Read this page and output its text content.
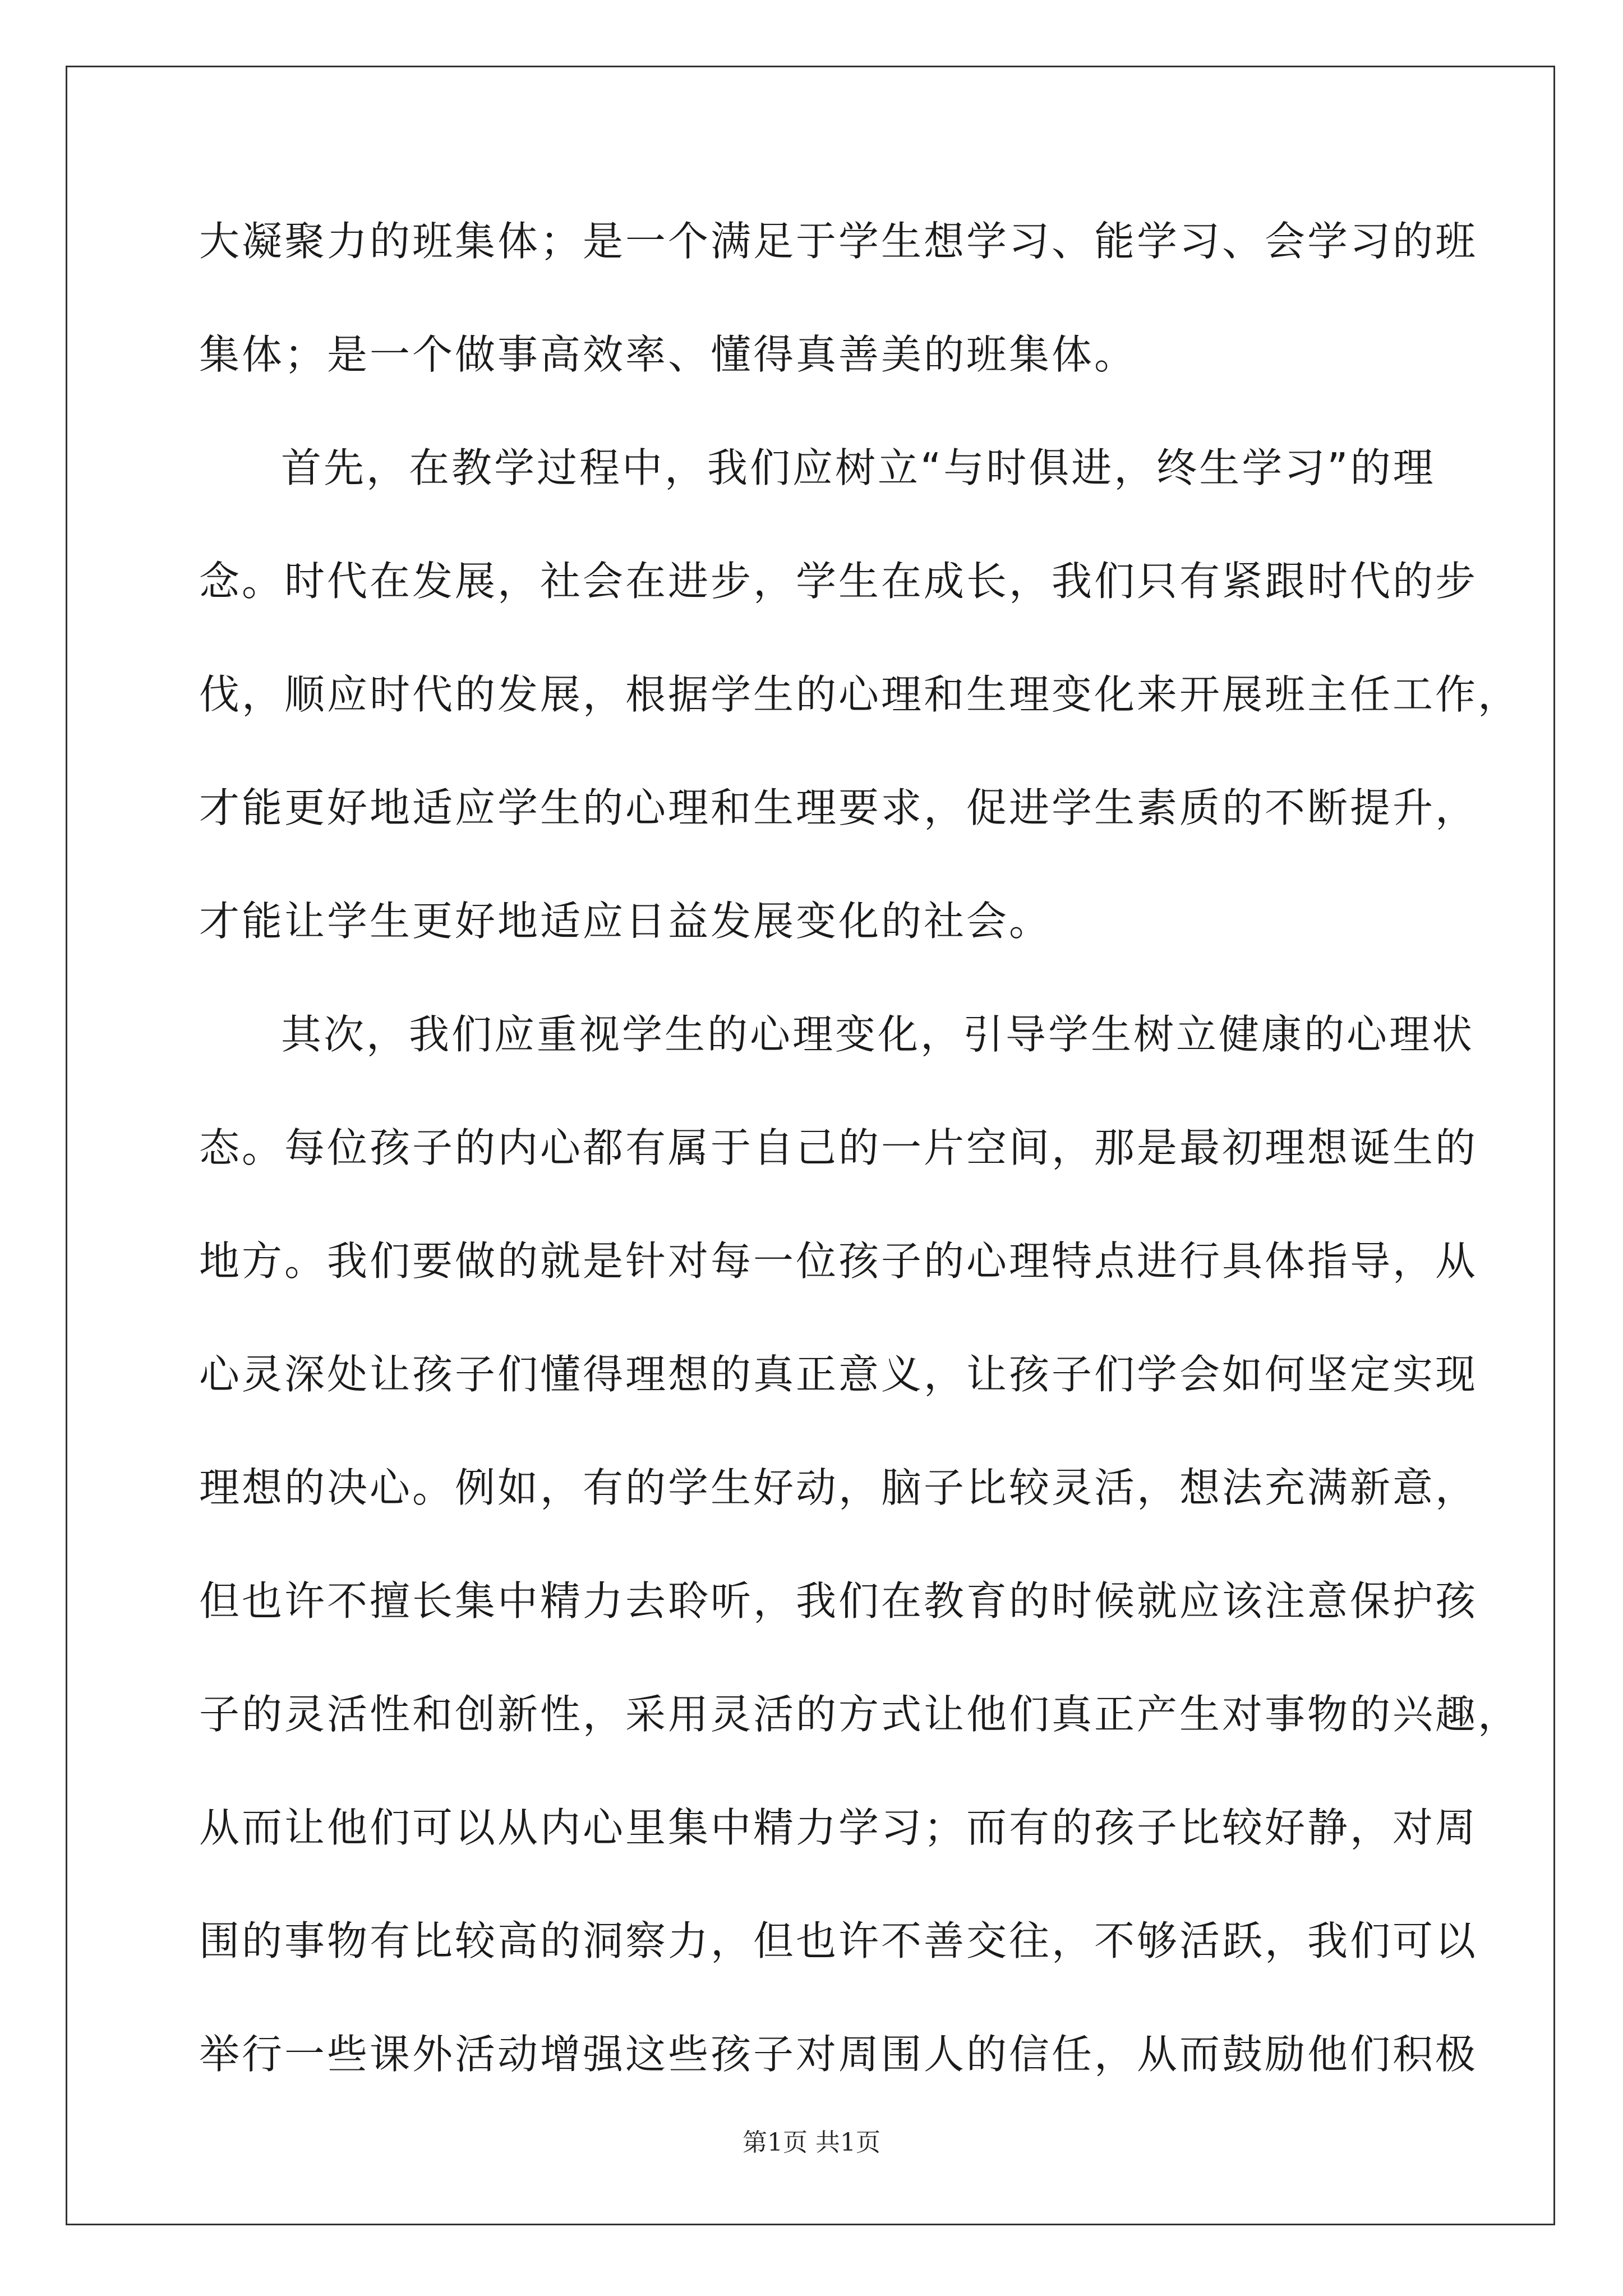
大凝聚力的班集体；是一个满足于学生想学习、能学习、会学习的班
集体；是一个做事高效率、懂得真善美的班集体。
首先，在教学过程中，我们应树立“与时俱进，终生学习”的理
念。时代在发展，社会在进步，学生在成长，我们只有紧跟时代的步
伐，顺应时代的发展，根据学生的心理和生理变化来开展班主任工作，
才能更好地适应学生的心理和生理要求，促进学生素质的不断提升，
才能让学生更好地适应日益发展变化的社会。
其次，我们应重视学生的心理变化，引导学生树立健康的心理状
态。每位孩子的内心都有属于自己的一片空间，那是最初理想诞生的
地方。我们要做的就是针对每一位孩子的心理特点进行具体指导，从
心灵深处让孩子们懂得理想的真正意义，让孩子们学会如何坚定实现
理想的决心。例如，有的学生好动，脑子比较灵活，想法充满新意，
但也许不擅长集中精力去聆听，我们在教育的时候就应该注意保护孩
子的灵活性和创新性，采用灵活的方式让他们真正产生对事物的兴趣，
从而让他们可以从内心里集中精力学习；而有的孩子比较好静，对周
围的事物有比较高的洞察力，但也许不善交往，不够活跃，我们可以
举行一些课外活动增强这些孩子对周围人的信任，从而鼓励他们积极
第1页 共1页
